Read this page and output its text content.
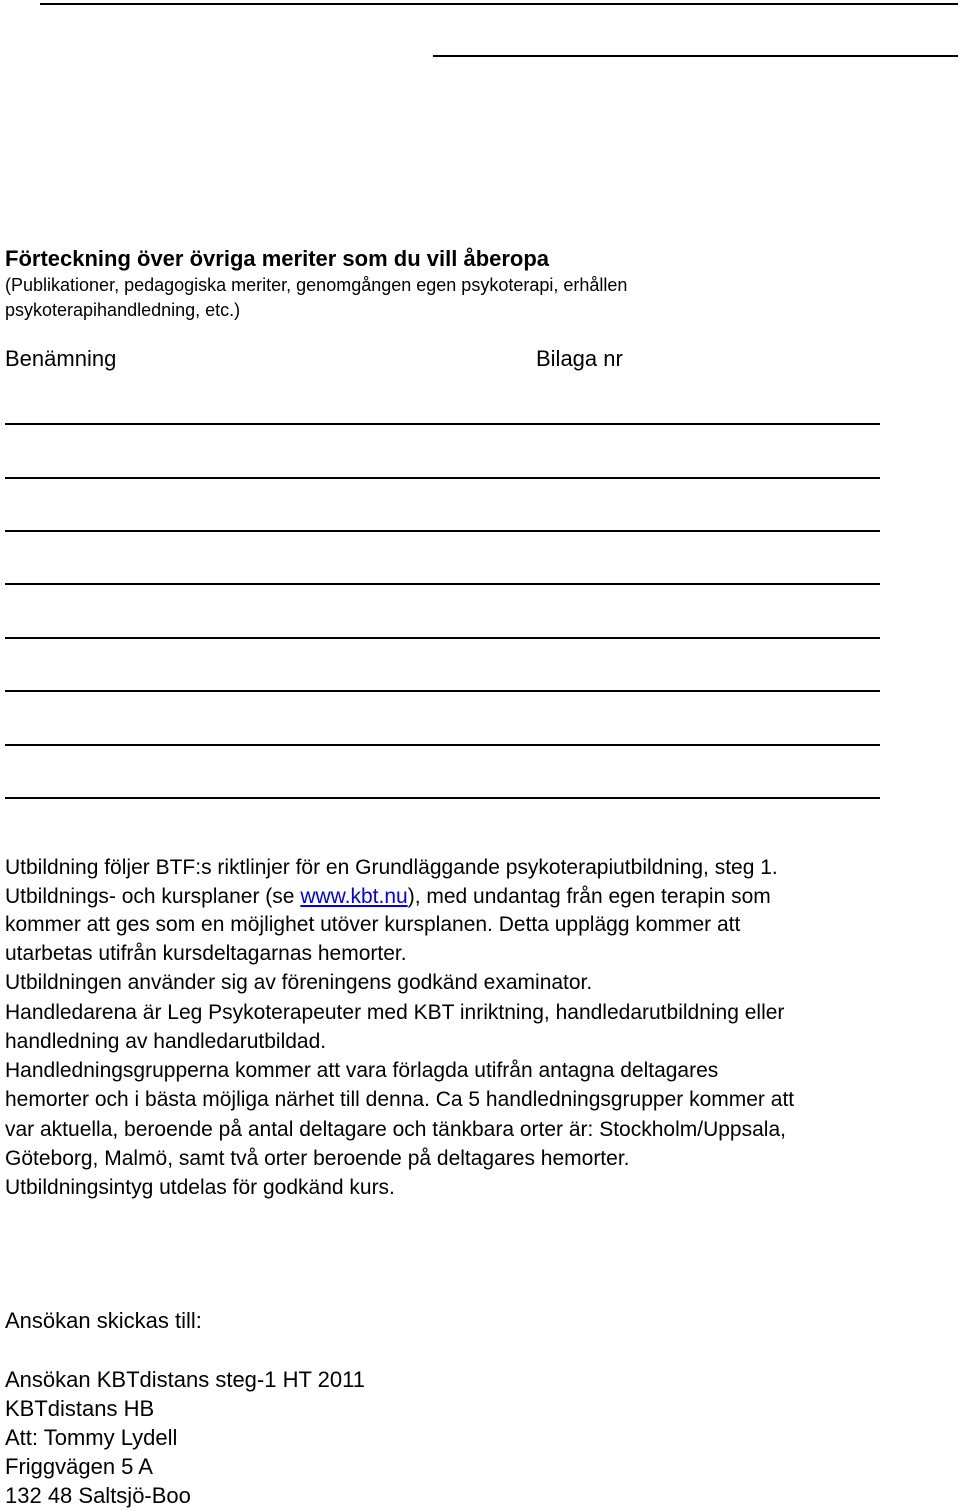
Förteckning över övriga meriter som du vill åberopa
(Publikationer, pedagogiska meriter, genomgången egen psykoterapi, erhållen
psykoterapihandledning, etc.)
Benämning	Bilaga nr
Utbildning följer BTF:s riktlinjer för en Grundläggande psykoterapiutbildning, steg 1.
Utbildnings- och kursplaner (se www.kbt.nu), med undantag från egen terapin som
kommer att ges som en möjlighet utöver kursplanen. Detta upplägg kommer att
utarbetas utifrån kursdeltagarnas hemorter.
Utbildningen använder sig av föreningens godkänd examinator.
Handledarena är Leg Psykoterapeuter med KBT inriktning, handledarutbildning eller
handledning av handledarutbildad.
Handledningsgrupperna kommer att vara förlagda utifrån antagna deltagares
hemorter och i bästa möjliga närhet till denna. Ca 5 handledningsgrupper kommer att
var aktuella, beroende på antal deltagare och tänkbara orter är: Stockholm/Uppsala,
Göteborg, Malmö, samt två orter beroende på deltagares hemorter.
Utbildningsintyg utdelas för godkänd kurs.
Ansökan skickas till:
Ansökan KBTdistans steg-1 HT 2011
KBTdistans HB
Att: Tommy Lydell
Friggvägen 5 A
132 48 Saltsjö-Boo
